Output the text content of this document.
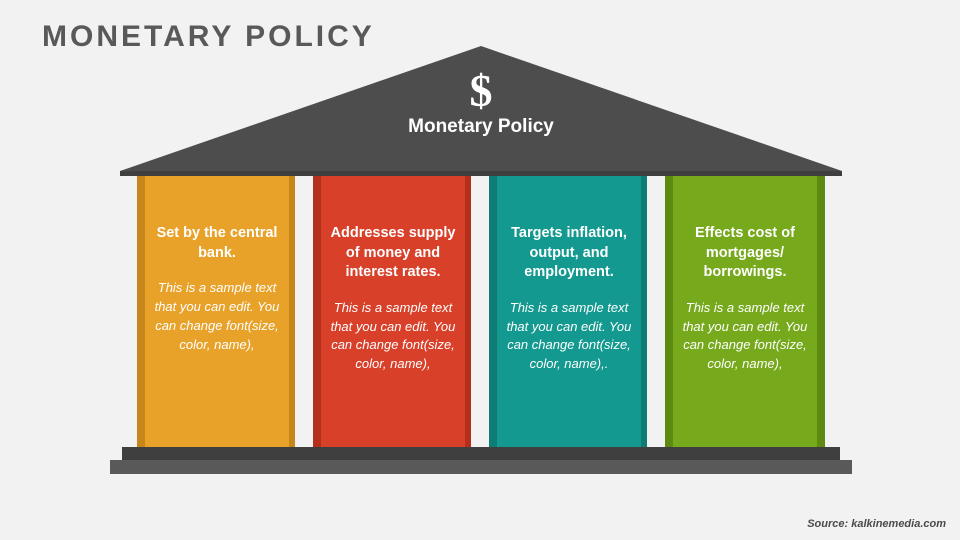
MONETARY POLICY
$
Monetary Policy
Set by the central bank.
This is a sample text that you can edit. You can change font(size, color, name),
Addresses supply of money and interest rates.
This is a sample text that you can edit. You can change font(size, color, name),
Targets inflation, output, and employment.
This is a sample text that you can edit. You can change font(size, color, name),.
Effects cost of mortgages/ borrowings.
This is a sample text that you can edit. You can change font(size, color, name),
Source: kalkinemedia.com
